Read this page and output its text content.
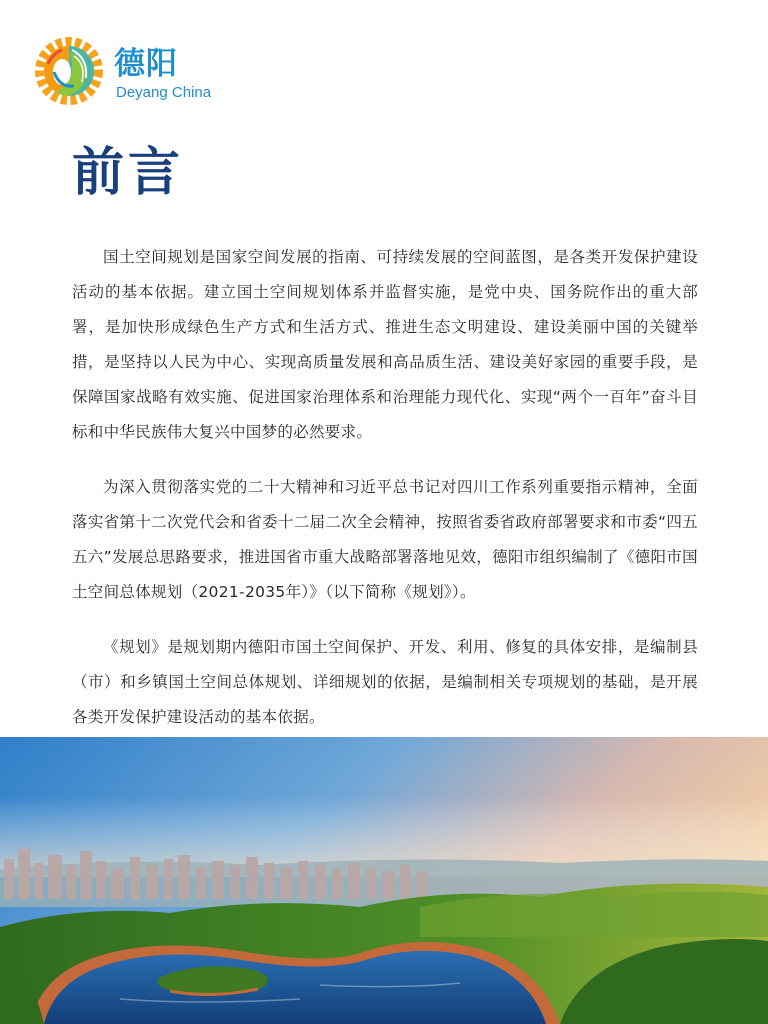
德阳
Deyang China
前言

国土空间规划是国家空间发展的指南、可持续发展的空间蓝图，是各类开发保护建设活动的基本依据。建立国土空间规划体系并监督实施，是党中央、国务院作出的重大部署，是加快形成绿色生产方式和生活方式、推进生态文明建设、建设美丽中国的关键举措，是坚持以人民为中心、实现高质量发展和高品质生活、建设美好家园的重要手段，是保障国家战略有效实施、促进国家治理体系和治理能力现代化、实现“两个一百年”奋斗目标和中华民族伟大复兴中国梦的必然要求。

为深入贯彻落实党的二十大精神和习近平总书记对四川工作系列重要指示精神，全面落实省第十二次党代会和省委十二届二次全会精神，按照省委省政府部署要求和市委“四五五六”发展总思路要求，推进国省市重大战略部署落地见效，德阳市组织编制了《德阳市国土空间总体规划（2021-2035年）》（以下简称《规划》）。

《规划》是规划期内德阳市国土空间保护、开发、利用、修复的具体安排，是编制县（市）和乡镇国土空间总体规划、详细规划的依据，是编制相关专项规划的基础，是开展各类开发保护建设活动的基本依据。
